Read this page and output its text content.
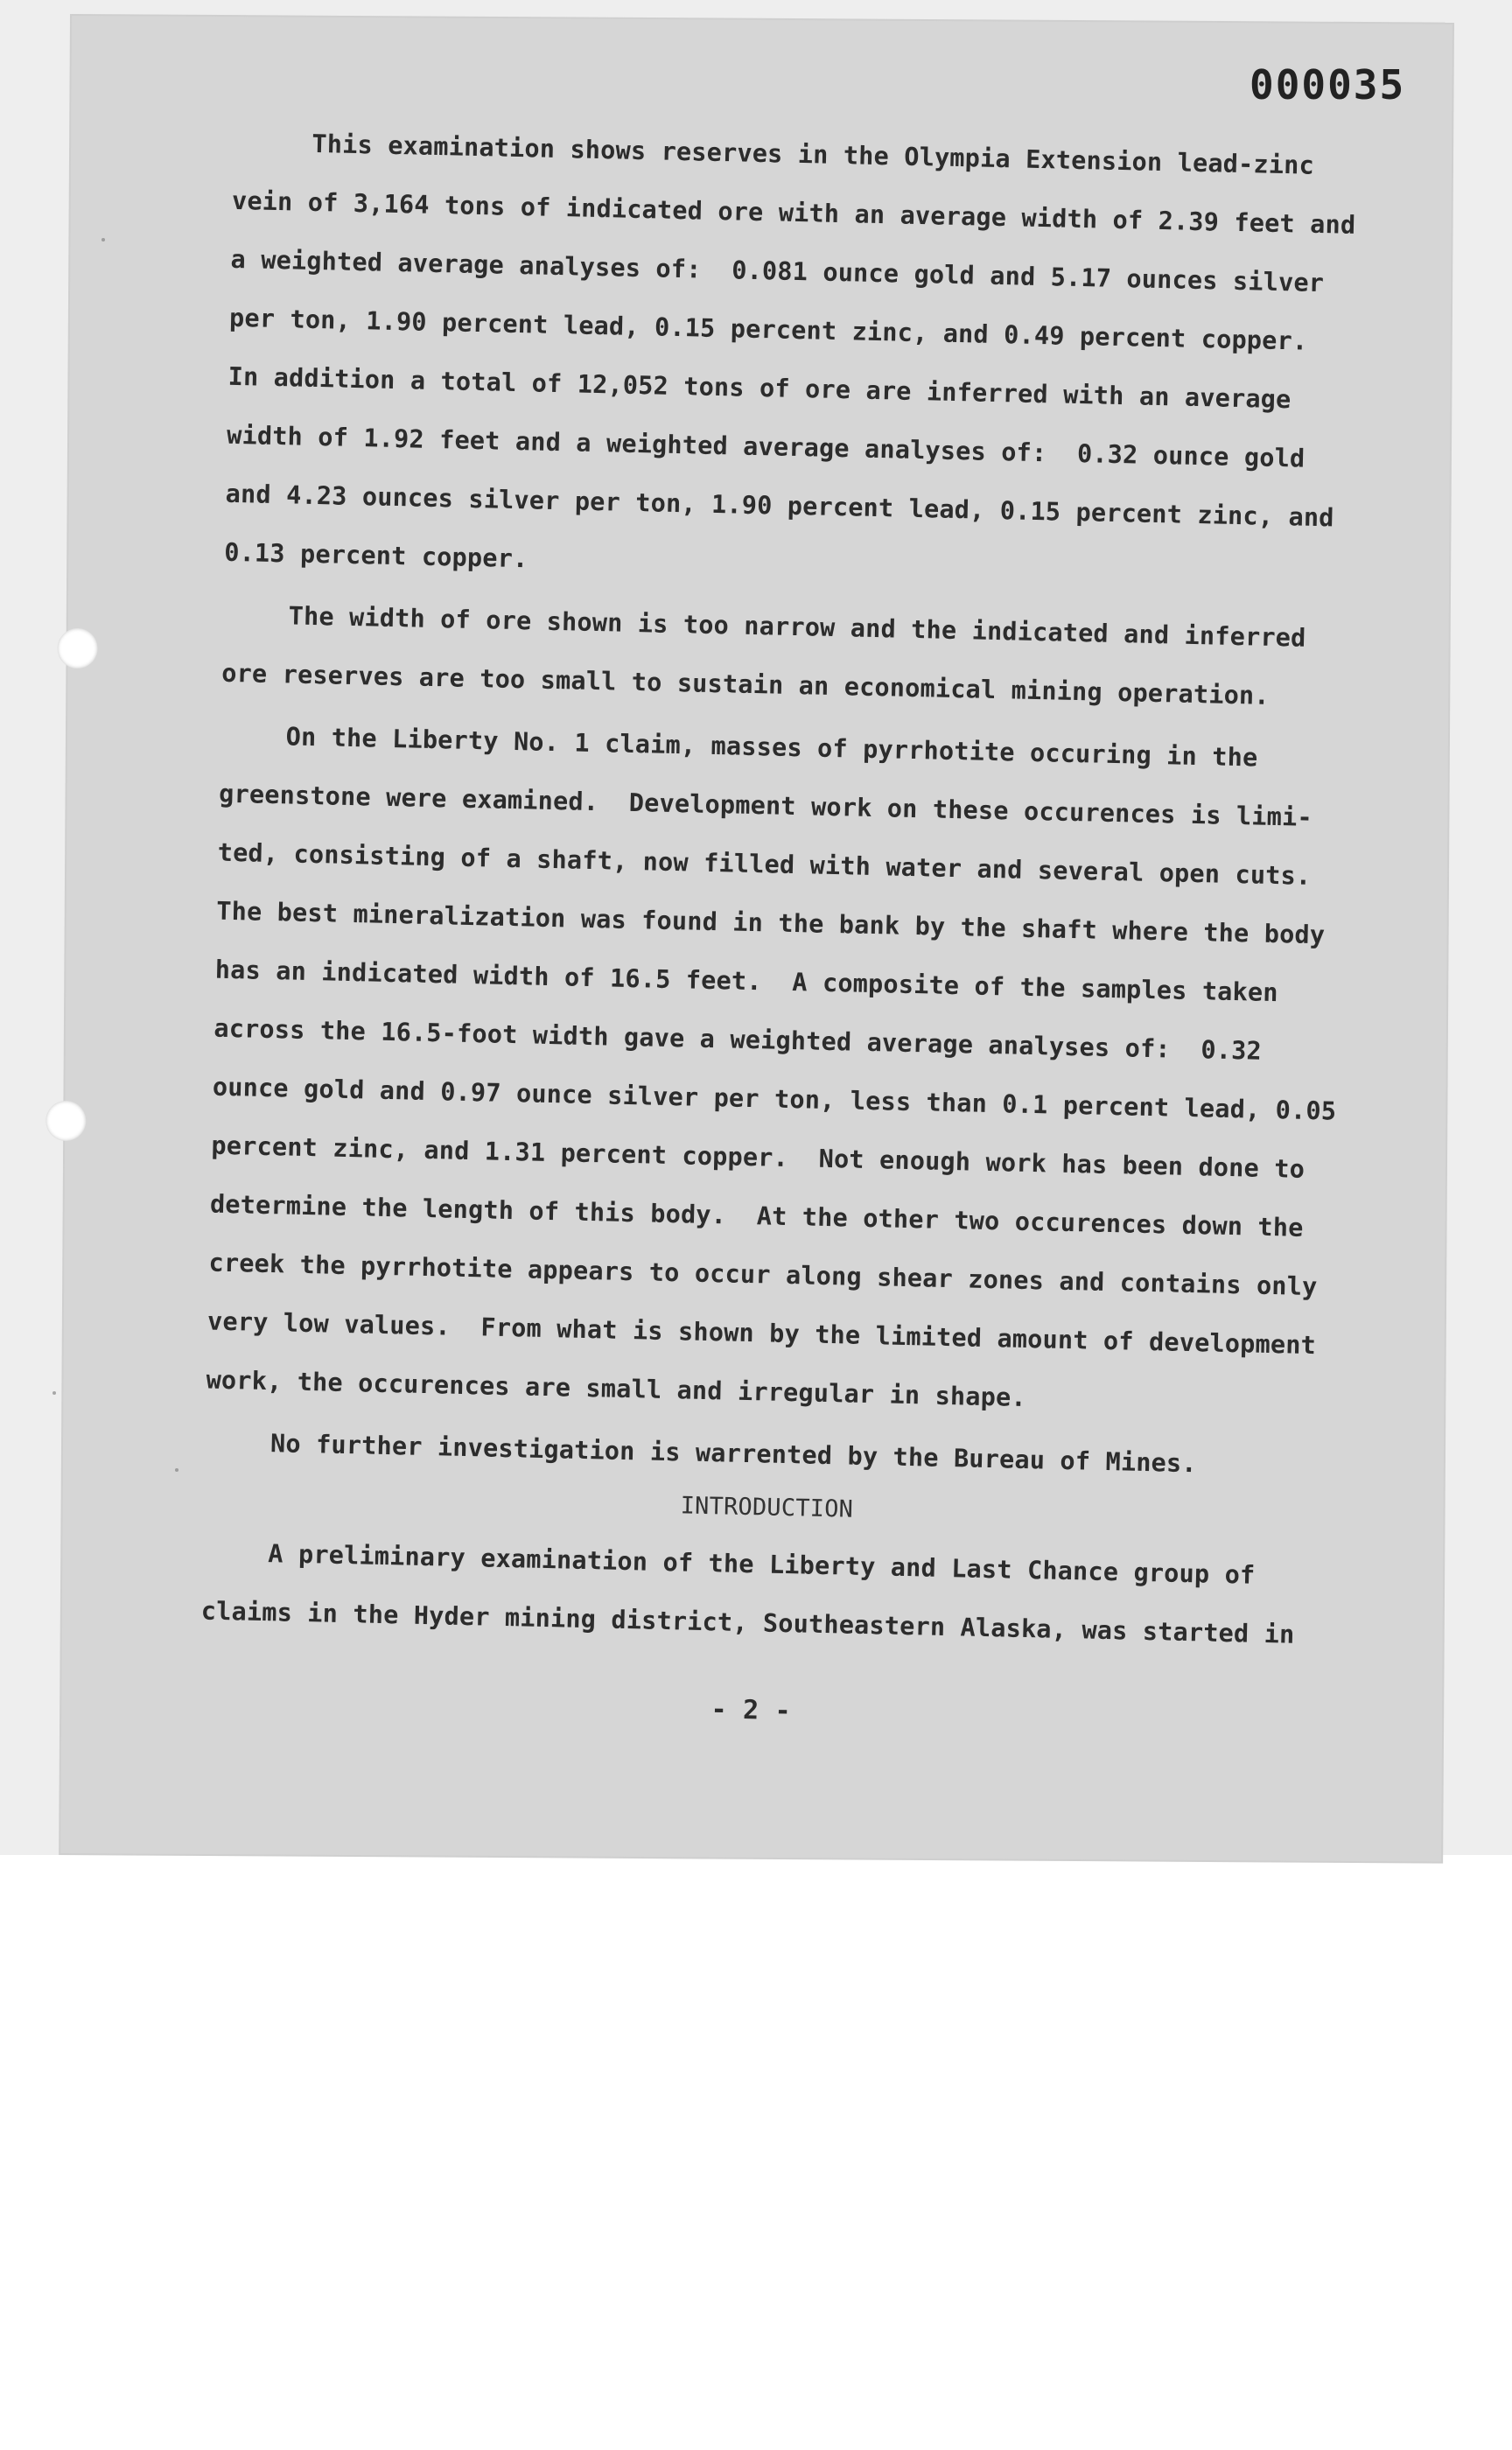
000035
This examination shows reserves in the Olympia Extension lead-zinc
vein of 3,164 tons of indicated ore with an average width of 2.39 feet and
a weighted average analyses of:  0.081 ounce gold and 5.17 ounces silver
per ton, 1.90 percent lead, 0.15 percent zinc, and 0.49 percent copper.
In addition a total of 12,052 tons of ore are inferred with an average
width of 1.92 feet and a weighted average analyses of:  0.32 ounce gold
and 4.23 ounces silver per ton, 1.90 percent lead, 0.15 percent zinc, and
0.13 percent copper.
The width of ore shown is too narrow and the indicated and inferred
ore reserves are too small to sustain an economical mining operation.
On the Liberty No. 1 claim, masses of pyrrhotite occuring in the
greenstone were examined.  Development work on these occurences is limi-
ted, consisting of a shaft, now filled with water and several open cuts.
The best mineralization was found in the bank by the shaft where the body
has an indicated width of 16.5 feet.  A composite of the samples taken
across the 16.5-foot width gave a weighted average analyses of:  0.32
ounce gold and 0.97 ounce silver per ton, less than 0.1 percent lead, 0.05
percent zinc, and 1.31 percent copper.  Not enough work has been done to
determine the length of this body.  At the other two occurences down the
creek the pyrrhotite appears to occur along shear zones and contains only
very low values.  From what is shown by the limited amount of development
work, the occurences are small and irregular in shape.
No further investigation is warrented by the Bureau of Mines.
INTRODUCTION
A preliminary examination of the Liberty and Last Chance group of
claims in the Hyder mining district, Southeastern Alaska, was started in
- 2 -
